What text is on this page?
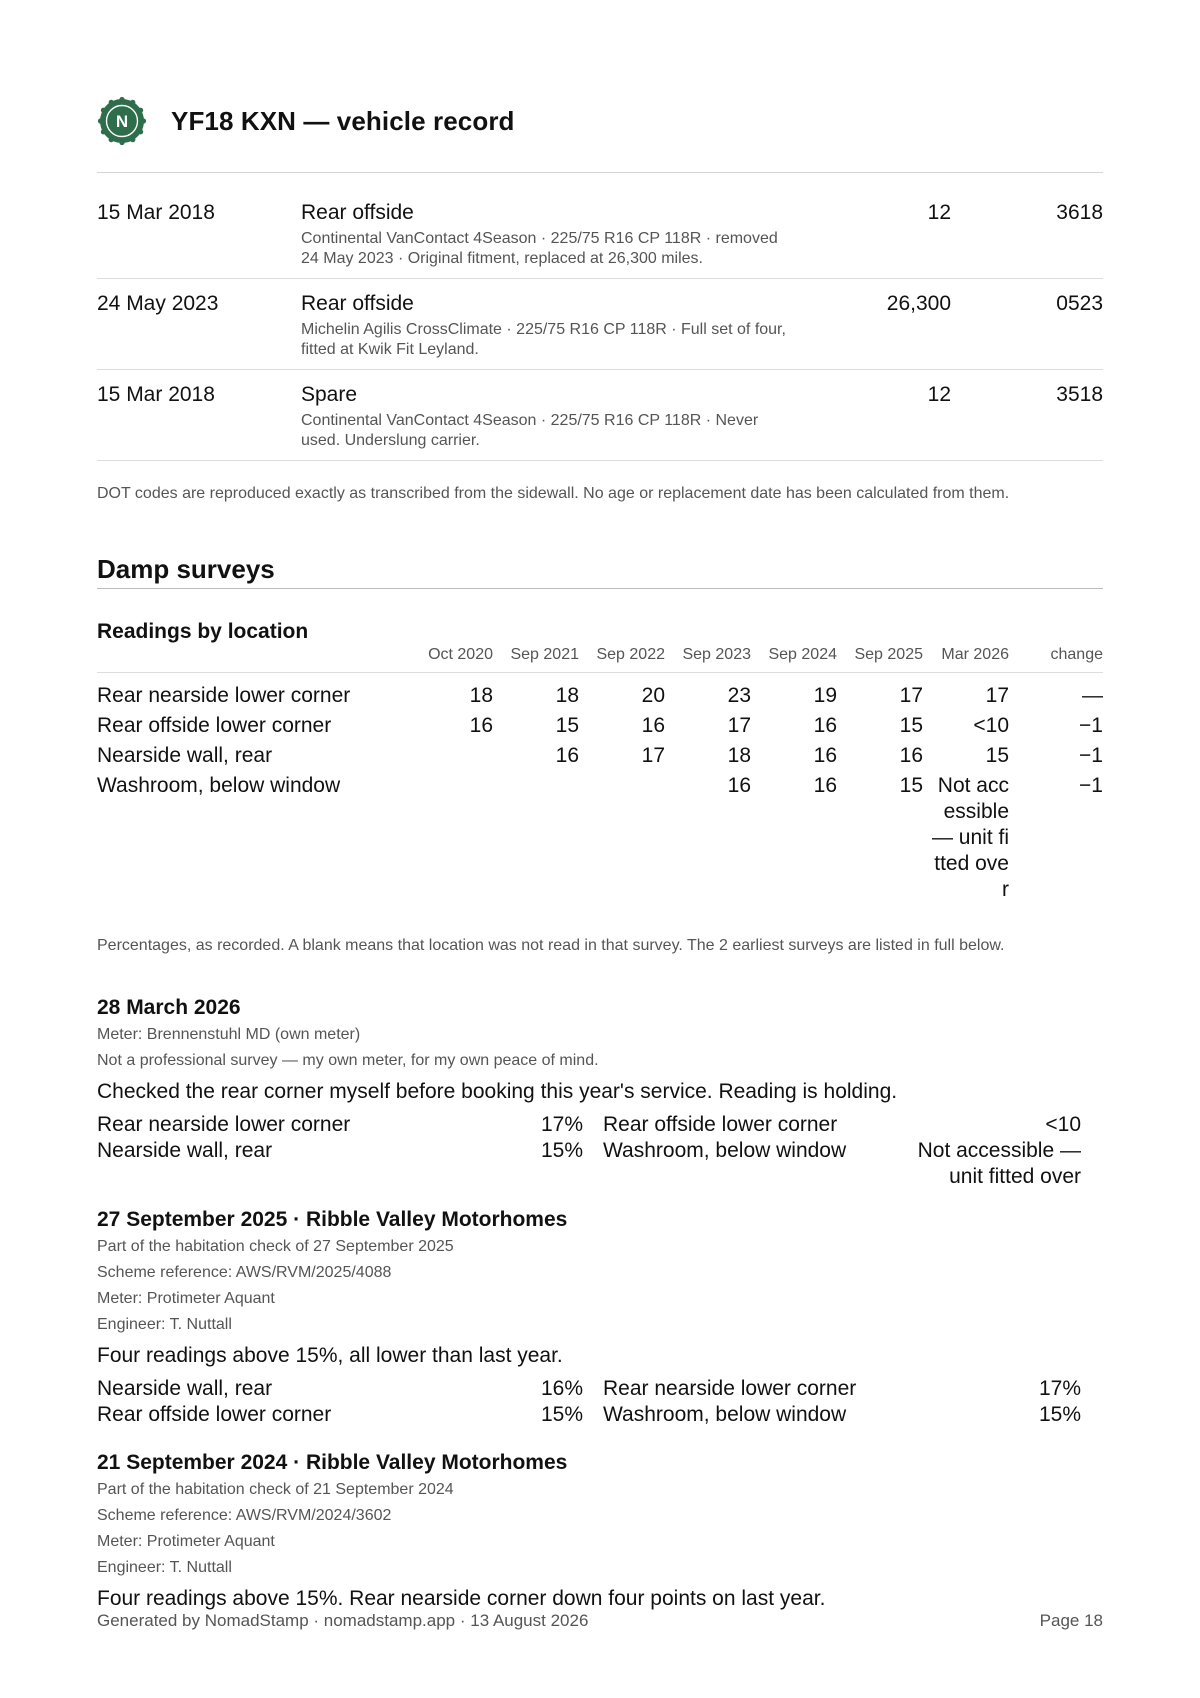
N YF18 KXN — vehicle record
15 Mar 2018	Rear offside
Continental VanContact 4Season · 225/75 R16 CP 118R · removed 24 May 2023 · Original fitment, replaced at 26,300 miles.
12	3618
24 May 2023	Rear offside
Michelin Agilis CrossClimate · 225/75 R16 CP 118R · Full set of four, fitted at Kwik Fit Leyland.
26,300	0523
15 Mar 2018	Spare
Continental VanContact 4Season · 225/75 R16 CP 118R · Never used. Underslung carrier.
12	3518
DOT codes are reproduced exactly as transcribed from the sidewall. No age or replacement date has been calculated from them.
Damp surveys
Readings by location
	Oct 2020	Sep 2021	Sep 2022	Sep 2023	Sep 2024	Sep 2025	Mar 2026	change
Rear nearside lower corner	18	18	20	23	19	17	17	—
Rear offside lower corner	16	15	16	17	16	15	<10	−1
Nearside wall, rear		16	17	18	16	16	15	−1
Washroom, below window				16	16	15	Not accessible — unit fitted over	−1
Percentages, as recorded. A blank means that location was not read in that survey. The 2 earliest surveys are listed in full below.
28 March 2026
Meter: Brennenstuhl MD (own meter)
Not a professional survey — my own meter, for my own peace of mind.
Checked the rear corner myself before booking this year's service. Reading is holding.
Rear nearside lower corner	17% Rear offside lower corner	<10
Nearside wall, rear	15% Washroom, below window	Not accessible — unit fitted over
27 September 2025 · Ribble Valley Motorhomes
Part of the habitation check of 27 September 2025
Scheme reference: AWS/RVM/2025/4088
Meter: Protimeter Aquant
Engineer: T. Nuttall
Four readings above 15%, all lower than last year.
Nearside wall, rear	16% Rear nearside lower corner	17%
Rear offside lower corner	15% Washroom, below window	15%
21 September 2024 · Ribble Valley Motorhomes
Part of the habitation check of 21 September 2024
Scheme reference: AWS/RVM/2024/3602
Meter: Protimeter Aquant
Engineer: T. Nuttall
Four readings above 15%. Rear nearside corner down four points on last year.
Generated by NomadStamp · nomadstamp.app · 13 August 2026	Page 18
